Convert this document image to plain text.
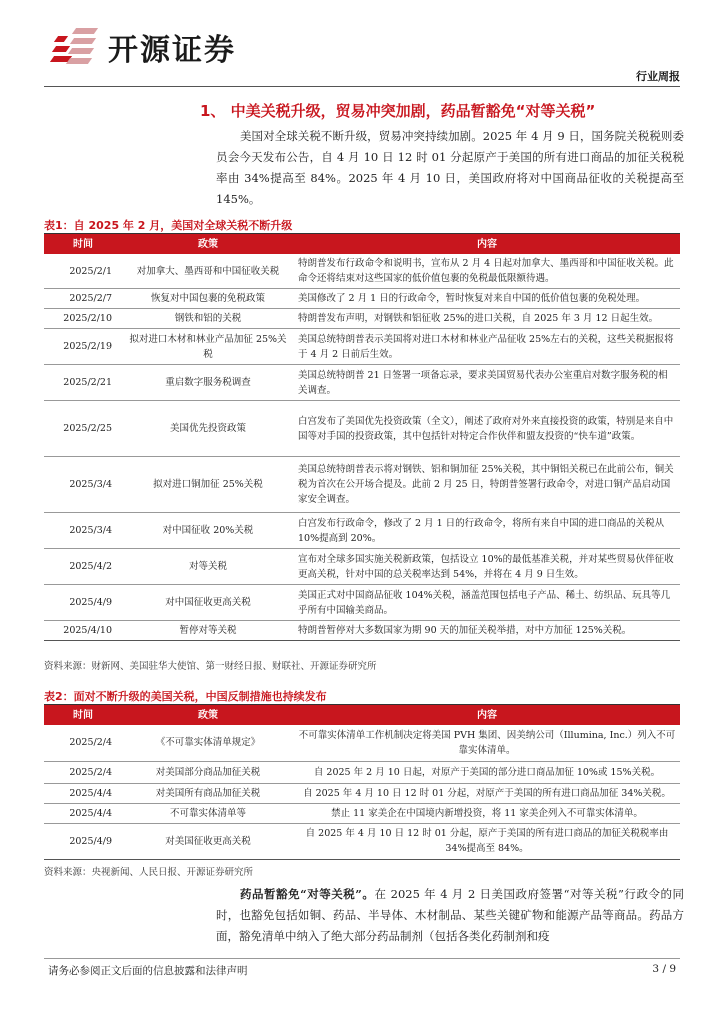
开源证券
行业周报
1、 中美关税升级，贸易冲突加剧，药品暂豁免“对等关税”

美国对全球关税不断升级，贸易冲突持续加剧。2025 年 4 月 9 日，国务院关税税则委员会今天发布公告，自 4 月 10 日 12 时 01 分起原产于美国的所有进口商品的加征关税税率由 34%提高至 84%。2025 年 4 月 10 日，美国政府将对中国商品征收的关税提高至 145%。

表1：自 2025 年 2 月，美国对全球关税不断升级
时间	政策	内容
2025/2/1	对加拿大、墨西哥和中国征收关税	特朗普发布行政命令和说明书，宣布从 2 月 4 日起对加拿大、墨西哥和中国征收关税。此命令还将结束对这些国家的低价值包裹的免税最低限额待遇。
2025/2/7	恢复对中国包裹的免税政策	美国修改了 2 月 1 日的行政命令，暂时恢复对来自中国的低价值包裹的免税处理。
2025/2/10	钢铁和铝的关税	特朗普发布声明，对钢铁和铝征收 25%的进口关税，自 2025 年 3 月 12 日起生效。
2025/2/19	拟对进口木材和林业产品加征 25%关税	美国总统特朗普表示美国将对进口木材和林业产品征收 25%左右的关税，这些关税据报将于 4 月 2 日前后生效。
2025/2/21	重启数字服务税调查	美国总统特朗普 21 日签署一项备忘录，要求美国贸易代表办公室重启对数字服务税的相关调查。
2025/2/25	美国优先投资政策	白宫发布了美国优先投资政策（全文），阐述了政府对外来直接投资的政策，特别是来自中国等对手国的投资政策，其中包括针对特定合作伙伴和盟友投资的“快车道”政策。
2025/3/4	拟对进口铜加征 25%关税	美国总统特朗普表示将对钢铁、铝和铜加征 25%关税，其中铜铝关税已在此前公布，铜关税为首次在公开场合提及。此前 2 月 25 日，特朗普签署行政命令，对进口铜产品启动国家安全调查。
2025/3/4	对中国征收 20%关税	白宫发布行政命令，修改了 2 月 1 日的行政命令，将所有来自中国的进口商品的关税从 10%提高到 20%。
2025/4/2	对等关税	宣布对全球多国实施关税新政策，包括设立 10%的最低基准关税，并对某些贸易伙伴征收更高关税，针对中国的总关税率达到 54%，并将在 4 月 9 日生效。
2025/4/9	对中国征收更高关税	美国正式对中国商品征收 104%关税，涵盖范围包括电子产品、稀土、纺织品、玩具等几乎所有中国输美商品。
2025/4/10	暂停对等关税	特朗普暂停对大多数国家为期 90 天的加征关税举措，对中方加征 125%关税。
资料来源：财新网、美国驻华大使馆、第一财经日报、财联社、开源证券研究所
表2：面对不断升级的美国关税，中国反制措施也持续发布
时间	政策	内容
2025/2/4	《不可靠实体清单规定》	不可靠实体清单工作机制决定将美国 PVH 集团、因美纳公司（Illumina, Inc.）列入不可靠实体清单。
2025/2/4	对美国部分商品加征关税	自 2025 年 2 月 10 日起，对原产于美国的部分进口商品加征 10%或 15%关税。
2025/4/4	对美国所有商品加征关税	自 2025 年 4 月 10 日 12 时 01 分起，对原产于美国的所有进口商品加征 34%关税。
2025/4/4	不可靠实体清单等	禁止 11 家美企在中国境内新增投资，将 11 家美企列入不可靠实体清单。
2025/4/9	对美国征收更高关税	自 2025 年 4 月 10 日 12 时 01 分起，原产于美国的所有进口商品的加征关税税率由 34%提高至 84%。
资料来源：央视新闻、人民日报、开源证券研究所

药品暂豁免“对等关税”。在 2025 年 4 月 2 日美国政府签署“对等关税”行政令的同时，也豁免包括如铜、药品、半导体、木材制品、某些关键矿物和能源产品等商品。药品方面，豁免清单中纳入了绝大部分药品制剂（包括各类化药制剂和疫

请务必参阅正文后面的信息披露和法律声明	3 / 9
